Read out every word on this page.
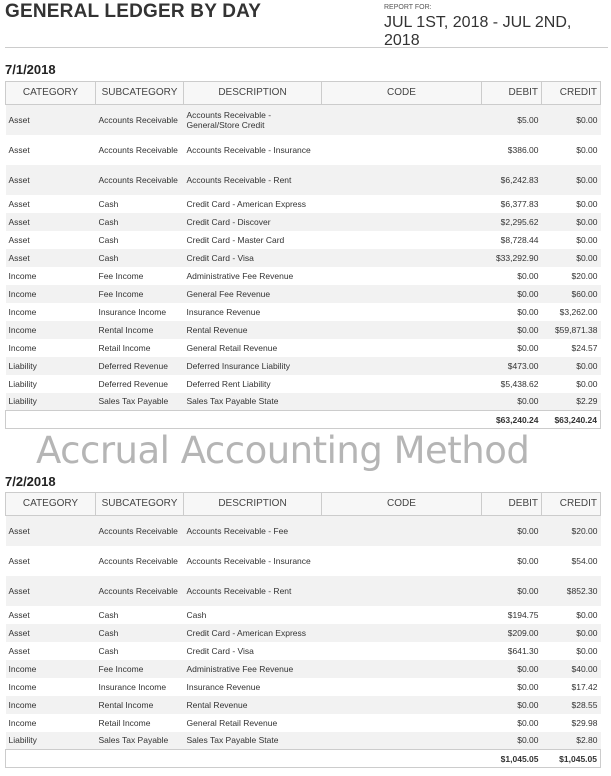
GENERAL LEDGER BY DAY	REPORT FOR:
JUL 1ST, 2018 - JUL 2ND, 2018
7/1/2018
CATEGORY	SUBCATEGORY	DESCRIPTION	CODE	DEBIT	CREDIT
Asset	Accounts Receivable	Accounts Receivable - General/Store Credit		$5.00	$0.00
Asset	Accounts Receivable	Accounts Receivable - Insurance		$386.00	$0.00
Asset	Accounts Receivable	Accounts Receivable - Rent		$6,242.83	$0.00
Asset	Cash	Credit Card - American Express		$6,377.83	$0.00
Asset	Cash	Credit Card - Discover		$2,295.62	$0.00
Asset	Cash	Credit Card - Master Card		$8,728.44	$0.00
Asset	Cash	Credit Card - Visa		$33,292.90	$0.00
Income	Fee Income	Administrative Fee Revenue		$0.00	$20.00
Income	Fee Income	General Fee Revenue		$0.00	$60.00
Income	Insurance Income	Insurance Revenue		$0.00	$3,262.00
Income	Rental Income	Rental Revenue		$0.00	$59,871.38
Income	Retail Income	General Retail Revenue		$0.00	$24.57
Liability	Deferred Revenue	Deferred Insurance Liability		$473.00	$0.00
Liability	Deferred Revenue	Deferred Rent Liability		$5,438.62	$0.00
Liability	Sales Tax Payable	Sales Tax Payable State		$0.00	$2.29
				$63,240.24	$63,240.24
7/2/2018
CATEGORY	SUBCATEGORY	DESCRIPTION	CODE	DEBIT	CREDIT
Asset	Accounts Receivable	Accounts Receivable - Fee		$0.00	$20.00
Asset	Accounts Receivable	Accounts Receivable - Insurance		$0.00	$54.00
Asset	Accounts Receivable	Accounts Receivable - Rent		$0.00	$852.30
Asset	Cash	Cash		$194.75	$0.00
Asset	Cash	Credit Card - American Express		$209.00	$0.00
Asset	Cash	Credit Card - Visa		$641.30	$0.00
Income	Fee Income	Administrative Fee Revenue		$0.00	$40.00
Income	Insurance Income	Insurance Revenue		$0.00	$17.42
Income	Rental Income	Rental Revenue		$0.00	$28.55
Income	Retail Income	General Retail Revenue		$0.00	$29.98
Liability	Sales Tax Payable	Sales Tax Payable State		$0.00	$2.80
				$1,045.05	$1,045.05
Accrual Accounting Method
